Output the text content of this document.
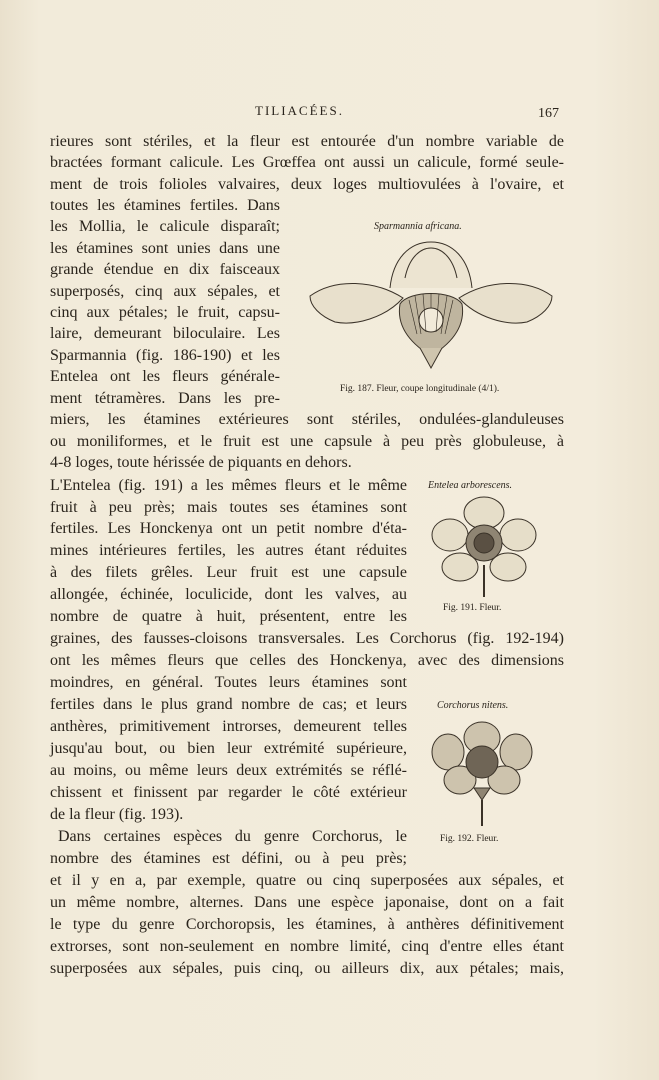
TILIACÉES.	167
rieures sont stériles, et la fleur est entourée d'un nombre variable de
bractées formant calicule. Les Grœffea ont aussi un calicule, formé seule-
ment de trois folioles valvaires, deux loges multiovulées à l'ovaire, et
toutes les étamines fertiles. Dans
les Mollia, le calicule disparaît;
les étamines sont unies dans une
grande étendue en dix faisceaux
superposés, cinq aux sépales, et
cinq aux pétales; le fruit, capsu-
laire, demeurant biloculaire. Les
Sparmannia (fig. 186-190) et les
Entelea ont les fleurs générale-
ment tétramères. Dans les pre-
Sparmannia africana.
Fig. 187. Fleur, coupe longitudinale (4/1).
miers, les étamines extérieures sont stériles, ondulées-glanduleuses
ou moniliformes, et le fruit est une capsule à peu près globuleuse, à
4-8 loges, toute hérissée de piquants en dehors.
L'Entelea (fig. 191) a les mêmes fleurs et le même
fruit à peu près; mais toutes ses étamines sont
fertiles. Les Honckenya ont un petit nombre d'éta-
mines intérieures fertiles, les autres étant réduites
à des filets grêles. Leur fruit est une capsule
allongée, échinée, loculicide, dont les valves, au
nombre de quatre à huit, présentent, entre les
Entelea arborescens.
Fig. 191. Fleur.
graines, des fausses-cloisons transversales. Les Corchorus (fig. 192-194)
ont les mêmes fleurs que celles des Honckenya, avec des dimensions
moindres, en général. Toutes leurs étamines sont
fertiles dans le plus grand nombre de cas; et leurs
anthères, primitivement introrses, demeurent telles
jusqu'au bout, ou bien leur extrémité supérieure,
au moins, ou même leurs deux extrémités se réflé-
chissent et finissent par regarder le côté extérieur
de la fleur (fig. 193).
Dans certaines espèces du genre Corchorus, le
nombre des étamines est défini, ou à peu près;
Corchorus nitens.
Fig. 192. Fleur.
et il y en a, par exemple, quatre ou cinq superposées aux sépales, et
un même nombre, alternes. Dans une espèce japonaise, dont on a fait
le type du genre Corchoropsis, les étamines, à anthères définitivement
extrorses, sont non-seulement en nombre limité, cinq d'entre elles étant
superposées aux sépales, puis cinq, ou ailleurs dix, aux pétales; mais,
